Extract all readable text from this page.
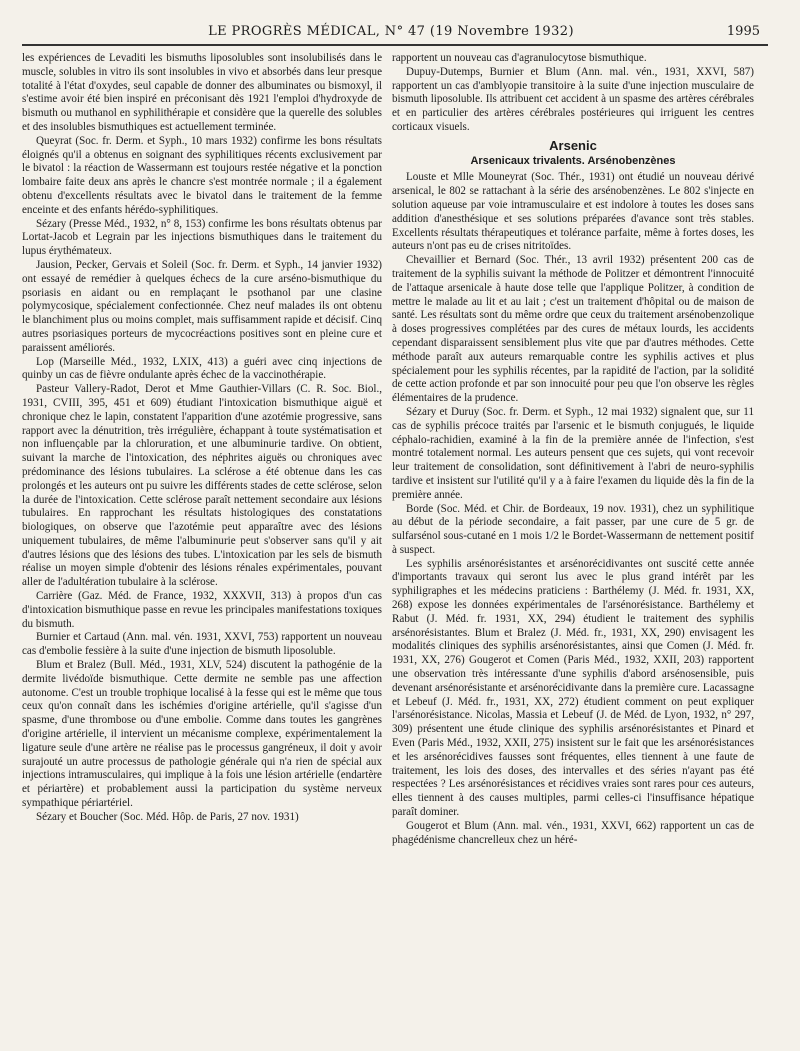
LE PROGRÈS MÉDICAL, N° 47 (19 Novembre 1932)	1995

les expériences de Levaditi les bismuths liposolubles sont insolubilisés dans le muscle, solubles in vitro ils sont insolubles in vivo et absorbés dans leur presque totalité à l'état d'oxydes, seul capable de donner des albuminates ou bismoxyl, il s'estime avoir été bien inspiré en préconisant dès 1921 l'emploi d'hydroxyde de bismuth ou muthanol en syphilithérapie et considère que la querelle des solubles et des insolubles bismuthiques est actuellement terminée.

Queyrat (Soc. fr. Derm. et Syph., 10 mars 1932) confirme les bons résultats éloignés qu'il a obtenus en soignant des syphilitiques récents exclusivement par le bivatol : la réaction de Wassermann est toujours restée négative et la ponction lombaire faite deux ans après le chancre s'est montrée normale ; il a également obtenu d'excellents résultats avec le bivatol dans le traitement de la femme enceinte et des enfants hérédo-syphilitiques.

Sézary (Presse Méd., 1932, n° 8, 153) confirme les bons résultats obtenus par Lortat-Jacob et Legrain par les injections bismuthiques dans le traitement du lupus érythémateux.

Jausion, Pecker, Gervais et Soleil (Soc. fr. Derm. et Syph., 14 janvier 1932) ont essayé de remédier à quelques échecs de la cure arséno-bismuthique du psoriasis en aidant ou en remplaçant le psothanol par une clasine polymycosique, spécialement confectionnée. Chez neuf malades ils ont obtenu le blanchiment plus ou moins complet, mais suffisamment rapide et décisif. Cinq autres psoriasiques porteurs de mycocréactions positives sont en pleine cure et paraissent améliorés.

Lop (Marseille Méd., 1932, LXIX, 413) a guéri avec cinq injections de quinby un cas de fièvre ondulante après échec de la vaccinothérapie.

Pasteur Vallery-Radot, Derot et Mme Gauthier-Villars (C. R. Soc. Biol., 1931, CVIII, 395, 451 et 609) étudiant l'intoxication bismuthique aiguë et chronique chez le lapin, constatent l'apparition d'une azotémie progressive, sans rapport avec la dénutrition, très irrégulière, échappant à toute systématisation et non influençable par la chloruration, et une albuminurie tardive. On obtient, suivant la marche de l'intoxication, des néphrites aiguës ou chroniques avec prédominance des lésions tubulaires. La sclérose a été obtenue dans les cas prolongés et les auteurs ont pu suivre les différents stades de cette sclérose, selon la durée de l'intoxication. Cette sclérose paraît nettement secondaire aux lésions tubulaires. En rapprochant les résultats histologiques des constatations biologiques, on observe que l'azotémie peut apparaître avec des lésions uniquement tubulaires, de même l'albuminurie peut s'observer sans qu'il y ait d'autres lésions que des lésions des tubes. L'intoxication par les sels de bismuth réalise un moyen simple d'obtenir des lésions rénales expérimentales, pouvant aller de l'adultération tubulaire à la sclérose.

Carrière (Gaz. Méd. de France, 1932, XXXVII, 313) à propos d'un cas d'intoxication bismuthique passe en revue les principales manifestations toxiques du bismuth.

Burnier et Cartaud (Ann. mal. vén. 1931, XXVI, 753) rapportent un nouveau cas d'embolie fessière à la suite d'une injection de bismuth liposoluble.

Blum et Bralez (Bull. Méd., 1931, XLV, 524) discutent la pathogénie de la dermite livédoïde bismuthique. Cette dermite ne semble pas une affection autonome. C'est un trouble trophique localisé à la fesse qui est le même que tous ceux qu'on connaît dans les ischémies d'origine artérielle, qu'il s'agisse d'un spasme, d'une thrombose ou d'une embolie. Comme dans toutes les gangrènes d'origine artérielle, il intervient un mécanisme complexe, expérimentalement la ligature seule d'une artère ne réalise pas le processus gangréneux, il doit y avoir surajouté un autre processus de pathologie générale qui n'a rien de spécial aux injections intramusculaires, qui implique à la fois une lésion artérielle (endartère et périartère) et probablement aussi la participation du système nerveux sympathique périartériel.

Sézary et Boucher (Soc. Méd. Hôp. de Paris, 27 nov. 1931)

rapportent un nouveau cas d'agranulocytose bismuthique.

Dupuy-Dutemps, Burnier et Blum (Ann. mal. vén., 1931, XXVI, 587) rapportent un cas d'amblyopie transitoire à la suite d'une injection musculaire de bismuth liposoluble. Ils attribuent cet accident à un spasme des artères cérébrales et en particulier des artères cérébrales postérieures qui irriguent les centres corticaux visuels.

Arsenic
Arsenicaux trivalents. Arsénobenzènes

Louste et Mlle Mouneyrat (Soc. Thér., 1931) ont étudié un nouveau dérivé arsenical, le 802 se rattachant à la série des arsénobenzènes. Le 802 s'injecte en solution aqueuse par voie intramusculaire et est indolore à toutes les doses sans addition d'anesthésique et ses solutions préparées d'avance sont très stables. Excellents résultats thérapeutiques et tolérance parfaite, même à fortes doses, les auteurs n'ont pas eu de crises nitritoïdes.

Chevaillier et Bernard (Soc. Thér., 13 avril 1932) présentent 200 cas de traitement de la syphilis suivant la méthode de Politzer et démontrent l'innocuité de l'attaque arsenicale à haute dose telle que l'applique Politzer, à condition de mettre le malade au lit et au lait ; c'est un traitement d'hôpital ou de maison de santé. Les résultats sont du même ordre que ceux du traitement arsénobenzolique à doses progressives complétées par des cures de métaux lourds, les accidents cependant disparaissent sensiblement plus vite que par d'autres méthodes. Cette méthode paraît aux auteurs remarquable contre les syphilis actives et plus spécialement pour les syphilis récentes, par la rapidité de l'action, par la solidité de cette action profonde et par son innocuité pour peu que l'on observe les règles élémentaires de la prudence.

Sézary et Duruy (Soc. fr. Derm. et Syph., 12 mai 1932) signalent que, sur 11 cas de syphilis précoce traités par l'arsenic et le bismuth conjugués, le liquide céphalo-rachidien, examiné à la fin de la première année de l'infection, s'est montré totalement normal. Les auteurs pensent que ces sujets, qui vont recevoir leur traitement de consolidation, sont définitivement à l'abri de neuro-syphilis tardive et insistent sur l'utilité qu'il y a à faire l'examen du liquide dès la fin de la première année.

Borde (Soc. Méd. et Chir. de Bordeaux, 19 nov. 1931), chez un syphilitique au début de la période secondaire, a fait passer, par une cure de 5 gr. de sulfarsénol sous-cutané en 1 mois 1/2 le Bordet-Wassermann de nettement positif à suspect.

Les syphilis arsénorésistantes et arsénorécidivantes ont suscité cette année d'importants travaux qui seront lus avec le plus grand intérêt par les syphiligraphes et les médecins praticiens : Barthélemy (J. Méd. fr. 1931, XX, 268) expose les données expérimentales de l'arsénorésistance. Barthélemy et Rabut (J. Méd. fr. 1931, XX, 294) étudient le traitement des syphilis arsénorésistantes. Blum et Bralez (J. Méd. fr., 1931, XX, 290) envisagent les modalités cliniques des syphilis arsénorésistantes, ainsi que Comen (J. Méd. fr. 1931, XX, 276) Gougerot et Comen (Paris Méd., 1932, XXII, 203) rapportent une observation très intéressante d'une syphilis d'abord arsénosensible, puis devenant arsénorésistante et arsénorécidivante dans la première cure. Lacassagne et Lebeuf (J. Méd. fr., 1931, XX, 272) étudient comment on peut expliquer l'arsénorésistance. Nicolas, Massia et Lebeuf (J. de Méd. de Lyon, 1932, n° 297, 309) présentent une étude clinique des syphilis arsénorésistantes et Pinard et Even (Paris Méd., 1932, XXII, 275) insistent sur le fait que les arsénorésistances et les arsénorécidives fausses sont fréquentes, elles tiennent à une faute de traitement, les lois des doses, des intervalles et des séries n'ayant pas été respectées ? Les arsénorésistances et récidives vraies sont rares pour ces auteurs, elles tiennent à des causes multiples, parmi celles-ci l'insuffisance hépatique paraît dominer.

Gougerot et Blum (Ann. mal. vén., 1931, XXVI, 662) rapportent un cas de phagédénisme chancrelleux chez un héré-
